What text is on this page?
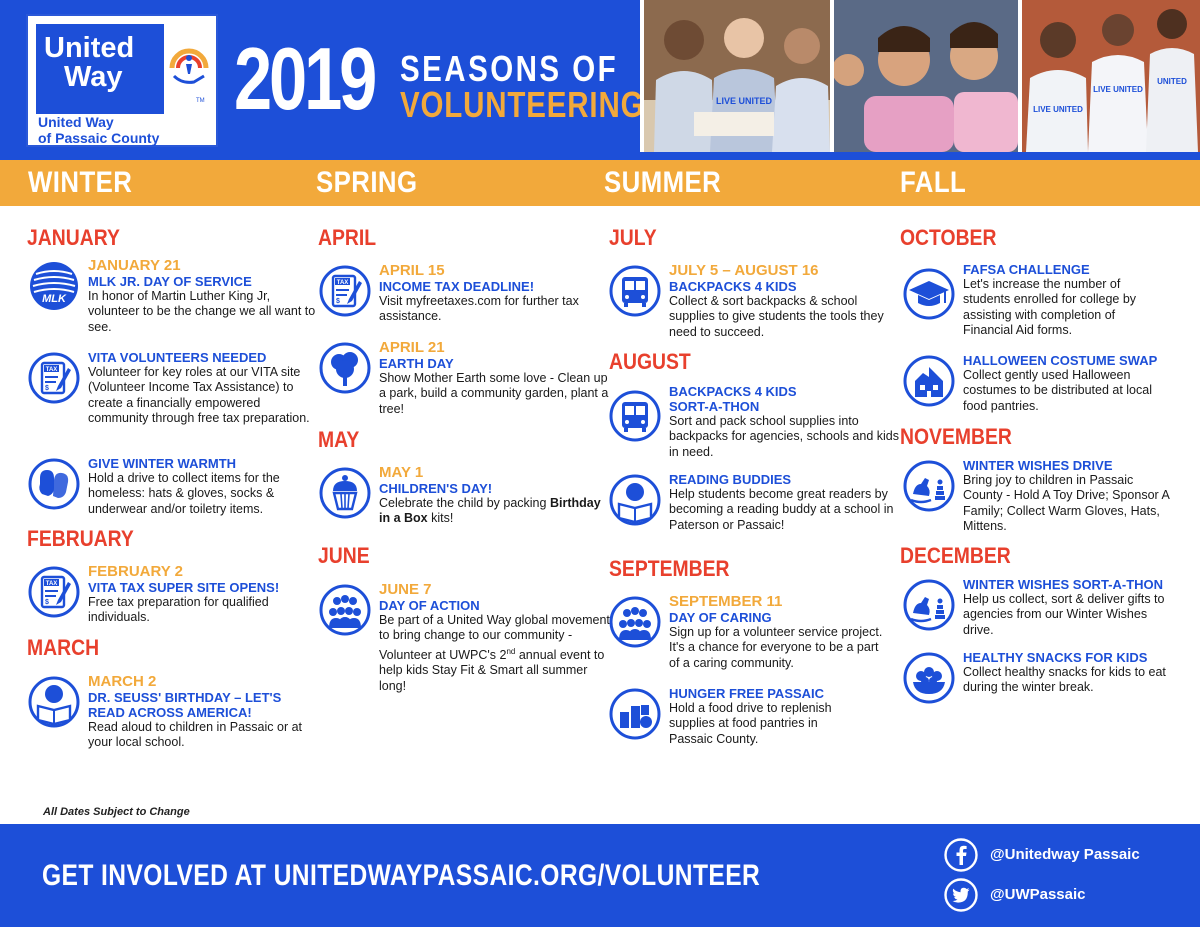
United
Way
TM
United Way
of Passaic County
2019 SEASONS OF
VOLUNTEERING	LIVE UNITED
LIVE UNITED
LIVE UNITED
UNITED
WINTER	SPRING	SUMMER	FALL
JANUARY
JANUARY 21
MLK JR. DAY OF SERVICE
In honor of Martin Luther King Jr, volunteer to be the change we all want to see.
VITA VOLUNTEERS NEEDED
Volunteer for key roles at our VITA site (Volunteer Income Tax Assistance) to create a financially empowered community through free tax preparation.
GIVE WINTER WARMTH
Hold a drive to collect items for the homeless: hats & gloves, socks & underwear and/or toiletry items.
FEBRUARY
FEBRUARY 2
VITA TAX SUPER SITE OPENS!
Free tax preparation for qualified individuals.
MARCH
MARCH 2
DR. SEUSS' BIRTHDAY – LET'S READ ACROSS AMERICA!
Read aloud to children in Passaic or at your local school.
APRIL
APRIL 15
INCOME TAX DEADLINE!
Visit myfreetaxes.com for further tax assistance.
APRIL 21
EARTH DAY
Show Mother Earth some love - Clean up a park, build a community garden, plant a tree!
MAY
MAY 1
CHILDREN'S DAY!
Celebrate the child by packing Birthday in a Box kits!
JUNE
JUNE 7
DAY OF ACTION
Be part of a United Way global movement to bring change to our community - Volunteer at UWPC's 2nd annual event to help kids Stay Fit & Smart all summer long!
JULY
JULY 5 – AUGUST 16
BACKPACKS 4 KIDS
Collect & sort backpacks & school supplies to give students the tools they need to succeed.
AUGUST
BACKPACKS 4 KIDS SORT-A-THON
Sort and pack school supplies into backpacks for agencies, schools and kids in need.
READING BUDDIES
Help students become great readers by becoming a reading buddy at a school in Paterson or Passaic!
SEPTEMBER
SEPTEMBER 11
DAY OF CARING
Sign up for a volunteer service project. It's a chance for everyone to be a part of a caring community.
HUNGER FREE PASSAIC
Hold a food drive to replenish supplies at food pantries in Passaic County.
OCTOBER
FAFSA CHALLENGE
Let's increase the number of students enrolled for college by assisting with completion of Financial Aid forms.
HALLOWEEN COSTUME SWAP
Collect gently used Halloween costumes to be distributed at local food pantries.
NOVEMBER
WINTER WISHES DRIVE
Bring joy to children in Passaic County - Hold A Toy Drive; Sponsor A Family; Collect Warm Gloves, Hats, Mittens.
DECEMBER
WINTER WISHES SORT-A-THON
Help us collect, sort & deliver gifts to agencies from our Winter Wishes drive.
HEALTHY SNACKS FOR KIDS
Collect healthy snacks for kids to eat during the winter break.
All Dates Subject to Change
GET INVOLVED AT UNITEDWAYPASSAIC.ORG/VOLUNTEER
@Unitedway Passaic
@UWPassaic
